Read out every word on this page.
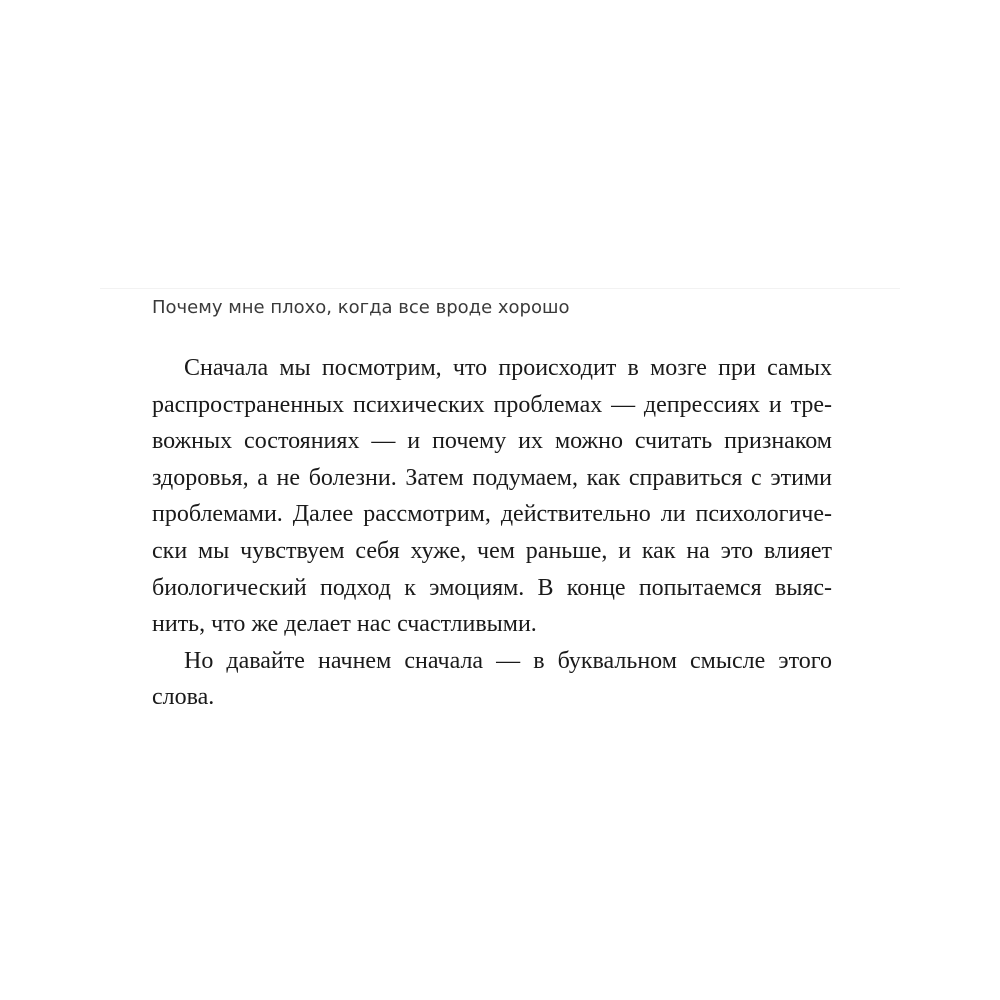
Почему мне плохо, когда все вроде хорошо
Сначала мы посмотрим, что происходит в мозге при самых
распространенных психических проблемах — депрессиях и тре-
вожных состояниях — и почему их можно считать признаком
здоровья, а не болезни. Затем подумаем, как справиться с этими
проблемами. Далее рассмотрим, действительно ли психологиче-
ски мы чувствуем себя хуже, чем раньше, и как на это влияет
биологический подход к эмоциям. В конце попытаемся выяс-
нить, что же делает нас счастливыми.
Но давайте начнем сначала — в буквальном смысле этого
слова.
